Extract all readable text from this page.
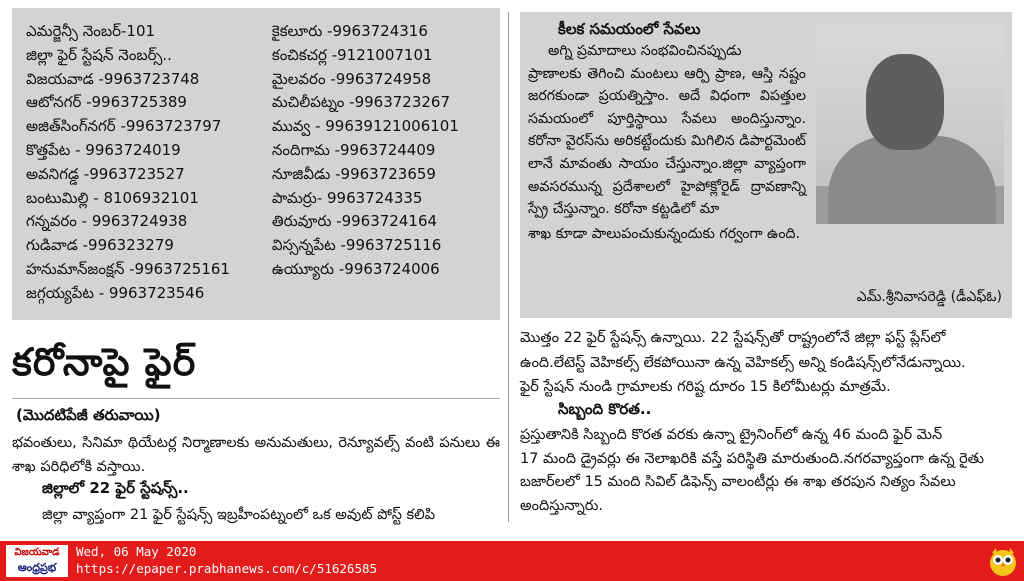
ఎమర్జెన్సీ నెంబర్-101
జిల్లా ఫైర్ స్టేషన్ నెంబర్స్..
విజయవాడ -9963723748
ఆటోనగర్ -9963725389
అజిత్‌సింగ్‌నగర్ -9963723797
కొత్తపేట - 9963724019
అవనిగడ్డ -9963723527
బంటుమిల్లి - 8106932101
గన్నవరం - 9963724938
గుడివాడ -996323279
హనుమాన్‌జంక్షన్ -9963725161
జగ్గయ్యపేట - 9963723546
కైకలూరు -9963724316
కంచికచర్ల -9121007101
మైలవరం -9963724958
మచిలీపట్నం -9963723267
మువ్వ - 99639121006101
నందిగామ -9963724409
నూజివీడు -9963723659
పామర్రు- 9963724335
తిరువూరు -9963724164
విస్సన్నపేట -9963725116
ఉయ్యూరు -9963724006
కీలక సమయంలో సేవలు
అగ్ని ప్రమాదాలు సంభవించినప్పుడు
ప్రాణాలకు తెగించి మంటలు ఆర్పి ప్రాణ, ఆస్తి నష్టం జరగకుండా ప్రయత్నిస్తాం. అదే విధంగా విపత్తుల సమయంలో పూర్తిస్థాయి సేవలు అందిస్తున్నాం. కరోనా వైరస్‌ను అరికట్టేందుకు మిగిలిన డిపార్టమెంట్ లానే మావంతు సాయం చేస్తున్నాం.జిల్లా వ్యాప్తంగా అవసరమున్న ప్రదేశాలలో హైపోక్లోరైడ్ ద్రావణాన్ని స్ప్రే చేస్తున్నాం. కరోనా కట్టడిలో మా
శాఖ కూడా పాలుపంచుకున్నందుకు గర్వంగా ఉంది.
ఎమ్.శ్రీనివాసరెడ్డి (డీఎఫ్ఓ)
కరోనాపై ఫైర్
(మొదటిపేజీ తరువాయి)
భవంతులు, సినిమా థియేటర్ల నిర్మాణాలకు అనుమతులు, రెన్యూవల్స్ వంటి పనులు ఈ శాఖ పరిధిలోకి వస్తాయి.
జిల్లాలో 22 ఫైర్ స్టేషన్స్..
జిల్లా వ్యాప్తంగా 21 ఫైర్ స్టేషన్స్ ఇబ్రహీంపట్నంలో ఒక అవుట్ పోస్ట్ కలిపి
మొత్తం 22 ఫైర్ స్టేషన్స్ ఉన్నాయి. 22 స్టేషన్స్‌తో రాష్ట్రంలోనే జిల్లా ఫస్ట్ ప్లేస్‌లో
ఉంది.లేటెస్ట్ వెహికల్స్ లేకపోయినా ఉన్న వెహికల్స్ అన్ని కండిషన్స్‌లోనేడున్నాయి.
ఫైర్ స్టేషన్ నుండి గ్రామాలకు గరిష్ట దూరం 15 కిలోమీటర్లు మాత్రమే.
సిబ్బంది కొరత..
ప్రస్తుతానికి సిబ్బంది కొరత వరకు ఉన్నా ట్రైనింగ్‌లో ఉన్న 46 మంది ఫైర్ మెన్
17 మంది డ్రైవర్లు ఈ నెలాఖరికి వస్తే పరిస్థితి మారుతుంది.నగరవ్యాప్తంగా ఉన్న రైతు
బజార్‌లలో 15 మంది సివిల్ డిఫెన్స్ వాలంటీర్లు ఈ శాఖ తరపున నిత్యం సేవలు
అందిస్తున్నారు.
విజయవాడ
ఆంధ్రప్రభ
Wed, 06 May 2020
https://epaper.prabhanews.com/c/51626585
